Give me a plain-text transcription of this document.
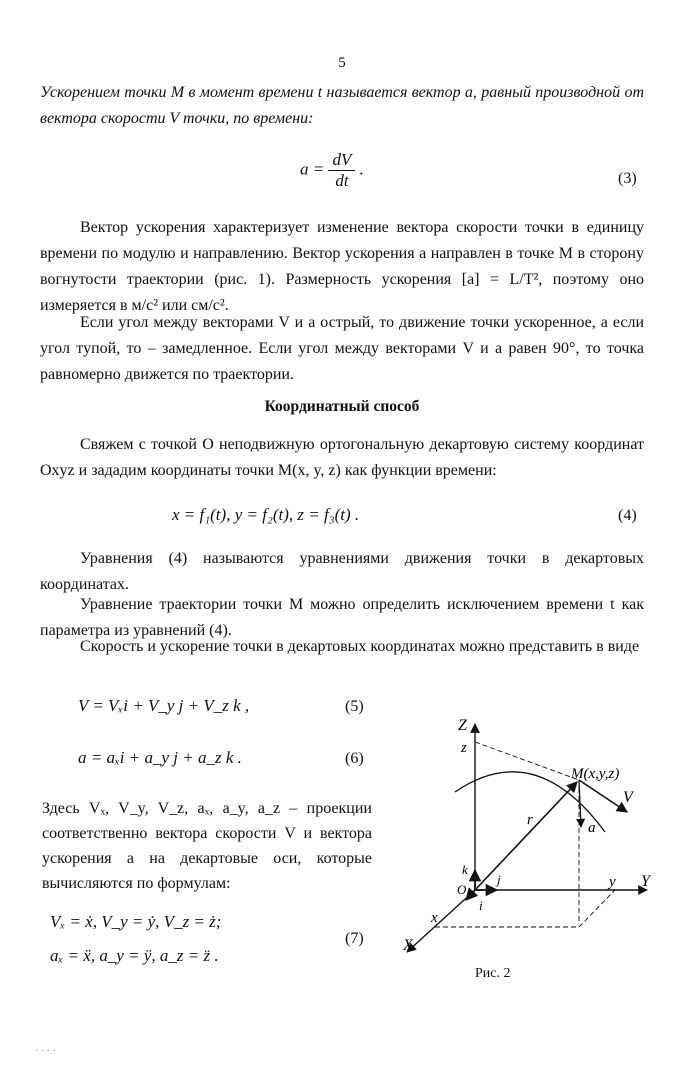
5
Ускорением точки M в момент времени t называется вектор a, равный производной от вектора скорости V точки, по времени:
$a = \frac{dV}{dt}$ .
(3)
Вектор ускорения характеризует изменение вектора скорости точки в единицу времени по модулю и направлению. Вектор ускорения a направлен в точке M в сторону вогнутости траектории (рис. 1). Размерность ускорения [a] = L/T², поэтому оно измеряется в м/с² или см/с².
Если угол между векторами V и a острый, то движение точки ускоренное, а если угол тупой, то – замедленное. Если угол между векторами V и a равен 90°, то точка равномерно движется по траектории.
Координатный способ
Свяжем с точкой O неподвижную ортогональную декартовую систему координат Oxyz и зададим координаты точки M(x, y, z) как функции времени:
x = f₁(t), y = f₂(t), z = f₃(t) .	(4)
Уравнения (4) называются уравнениями движения точки в декартовых координатах.
Уравнение траектории точки M можно определить исключением времени t как параметра из уравнений (4).
Скорость и ускорение точки в декартовых координатах можно представить в виде
V = Vₓi + V_y j + V_z k ,	(5)
a = aₓi + a_y j + a_z k .	(6)
Здесь Vₓ, V_y, V_z, aₓ, a_y, a_z – проекции соответственно вектора скорости V и вектора ускорения a на декартовые оси, которые вычисляются по формулам:
Vₓ = ẋ, V_y = ẏ, V_z = ż;
aₓ = ẍ, a_y = ÿ, a_z = z̈ .
(7)
Z
z
M(x,y,z)
V
r	a
k
O
j
i
y Y
x
X
Рис. 2
· · · ·
